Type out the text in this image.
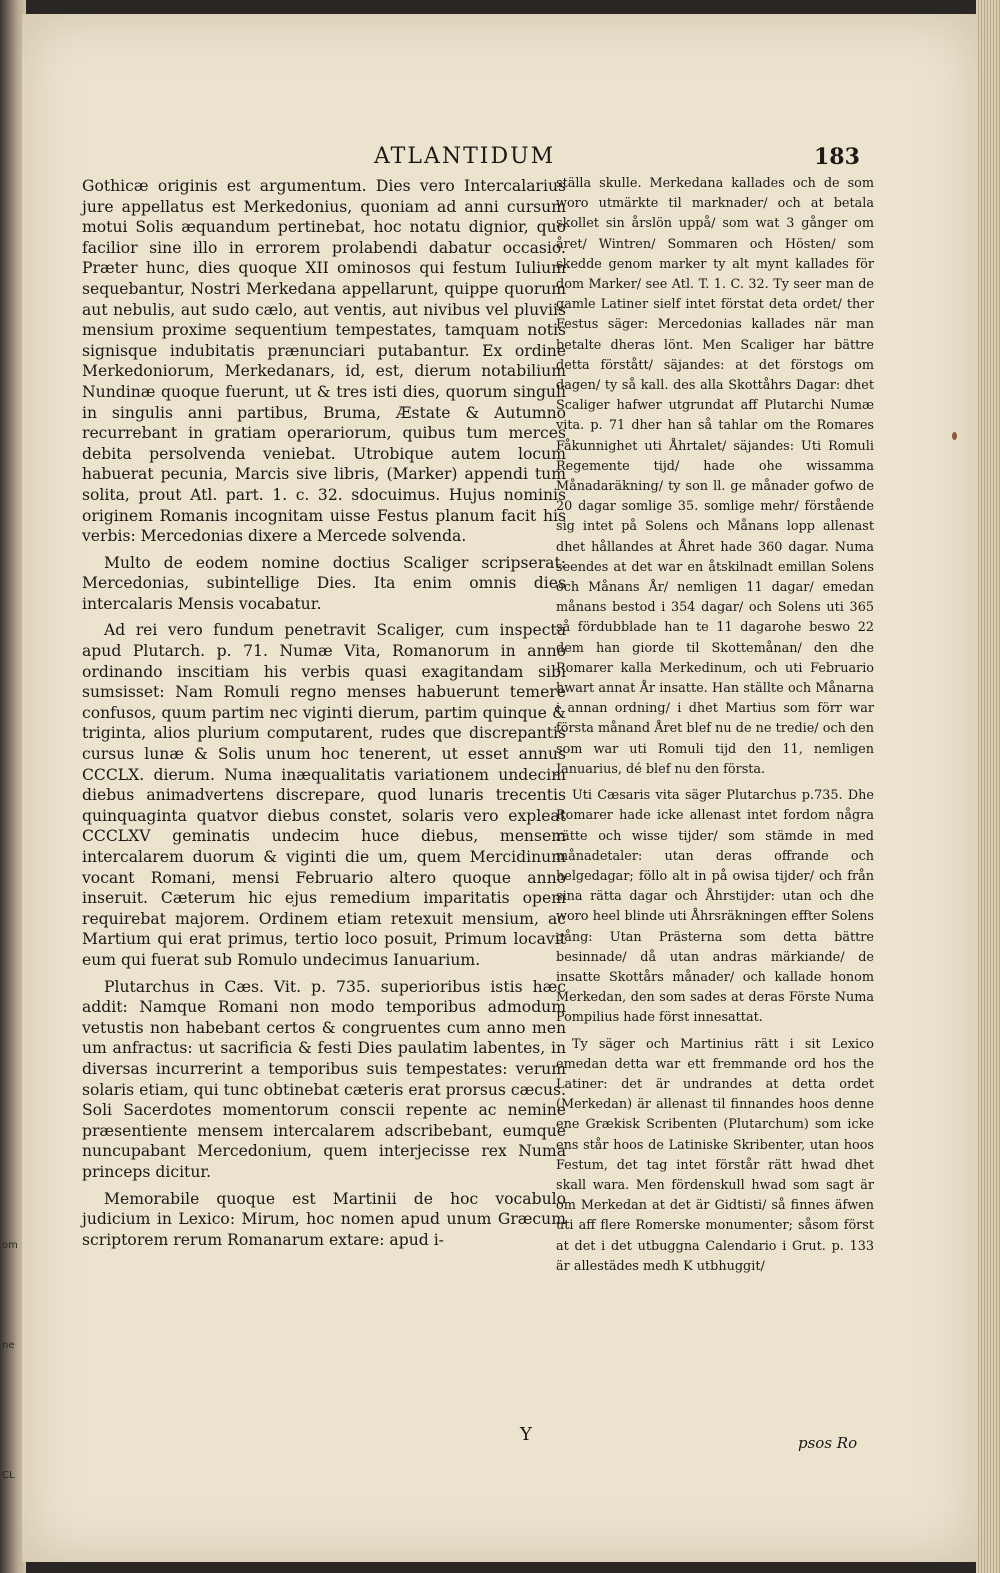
om
ne
CL
ATLANTIDUM	183

Gothicæ originis est argumentum. Dies vero Intercalarius jure appellatus est Merkedonius, quoniam ad anni cursum motui Solis æquandum pertinebat, hoc notatu dignior, quo facilior sine illo in errorem prolabendi dabatur occasio. Præter hunc, dies quoque XII ominosos qui festum Iulium sequebantur, Nostri Merkedana appellarunt, quippe quorum aut nebulis, aut sudo cælo, aut ventis, aut nivibus vel pluviis mensium proxime sequentium tempestates, tamquam notis signisque indubitatis prænunciari putabantur. Ex ordine Merkedoniorum, Merkedanars, id, est, dierum notabilium Nundinæ quoque fuerunt, ut & tres isti dies, quorum singuli in singulis anni partibus, Bruma, Æstate & Autumno recurrebant in gratiam operariorum, quibus tum merces debita persolvenda veniebat. Utrobique autem locum habuerat pecunia, Marcis sive libris, (Marker) appendi tum solita, prout Atl. part. 1. c. 32. sdocuimus. Hujus nominis originem Romanis incognitam uisse Festus planum facit his verbis: Mercedonias dixere a Mercede solvenda.

Multo de eodem nomine doctius Scaliger scripserat: Mercedonias, subintellige Dies. Ita enim omnis dies intercalaris Mensis vocabatur.

Ad rei vero fundum penetravit Scaliger, cum inspecta apud Plutarch. p. 71. Numæ Vita, Romanorum in anno ordinando inscitiam his verbis quasi exagitandam sibi sumsisset: Nam Romuli regno menses habuerunt temere confusos, quum partim nec viginti dierum, partim quinque & triginta, alios plurium computarent, rudes que discrepantis cursus lunæ & Solis unum hoc tenerent, ut esset annus CCCLX. dierum. Numa inæqualitatis variationem undecim diebus animadvertens discrepare, quod lunaris trecentis quinquaginta quatvor diebus constet, solaris vero expleat CCCLXV geminatis undecim huce diebus, mensem intercalarem duorum & viginti die um, quem Mercidinum vocant Romani, mensi Februario altero quoque anno inseruit. Cæterum hic ejus remedium imparitatis opem requirebat majorem. Ordinem etiam retexuit mensium, ac Martium qui erat primus, tertio loco posuit, Primum locavit eum qui fuerat sub Romulo undecimus Ianuarium.

Plutarchus in Cæs. Vit. p. 735. superioribus istis hæc addit: Namque Romani non modo temporibus admodum vetustis non habebant certos & congruentes cum anno men um anfractus: ut sacrificia & festi Dies paulatim labentes, in diversas incurrerint a temporibus suis tempestates: verum solaris etiam, qui tunc obtinebat cæteris erat prorsus cæcus. Soli Sacerdotes momentorum conscii repente ac nemine præsentiente mensem intercalarem adscribebant, eumque nuncupabant Mercedonium, quem interjecisse rex Numa princeps dicitur.

Memorabile quoque est Martinii de hoc vocabulo judicium in Lexico: Mirum, hoc nomen apud unum Græcum scriptorem rerum Romanarum extare: apud i-

ställa skulle. Merkedana kallades och de som woro utmärkte til marknader/ och at betala skollet sin årslön uppå/ som wat 3 gånger om året/ Wintren/ Sommaren och Hösten/ som skedde genom marker ty alt mynt kallades för dom Marker/ see Atl. T. 1. C. 32. Ty seer man de gamle Latiner sielf intet förstat deta ordet/ ther Festus säger: Mercedonias kallades när man betalte dheras lönt. Men Scaliger har bättre detta förstått/ säjandes: at det förstogs om dagen/ ty så kall. des alla Skottåhrs Dagar: dhet Scaliger hafwer utgrundat aff Plutarchi Numæ vita. p. 71 dher han så tahlar om the Romares Fåkunnighet uti Åhrtalet/ säjandes: Uti Romuli Regemente tijd/ hade ohe wissamma Månadaräkning/ ty son ll. ge månader gofwo de 20 dagar somlige 35. somlige mehr/ förstående sig intet på Solens och Månans lopp allenast dhet hållandes at Åhret hade 360 dagar. Numa seendes at det war en åtskilnadt emillan Solens och Månans År/ nemligen 11 dagar/ emedan månans bestod i 354 dagar/ och Solens uti 365 så fördubblade han te 11 dagarohe beswo 22 dem han giorde til Skottemånan/ den dhe Romarer kalla Merkedinum, och uti Februario hwart annat År insatte. Han ställte och Månarna i annan ordning/ i dhet Martius som förr war första månand Året blef nu de ne tredie/ och den som war uti Romuli tijd den 11, nemligen Januarius, dé blef nu den första.

Uti Cæsaris vita säger Plutarchus p.735. Dhe Romarer hade icke allenast intet fordom några rätte och wisse tijder/ som stämde in med månadetaler: utan deras offrande och helgedagar; föllo alt in på owisa tijder/ och från sina rätta dagar och Åhrstijder: utan och dhe woro heel blinde uti Åhrsräkningen effter Solens gång: Utan Prästerna som detta bättre besinnade/ då utan andras märkiande/ de insatte Skottårs månader/ och kallade honom Merkedan, den som sades at deras Förste Numa Pompilius hade först innesattat.

Ty säger och Martinius rätt i sit Lexico emedan detta war ett fremmande ord hos the Latiner: det är undrandes at detta ordet (Merkedan) är allenast til finnandes hoos denne ene Grækisk Scribenten (Plutarchum) som icke ens står hoos de Latiniske Skribenter, utan hoos Festum, det tag intet förstår rätt hwad dhet skall wara. Men fördenskull hwad som sagt är om Merkedan at det är Gidtisti/ så finnes äfwen uti aff flere Romerske monumenter; såsom först at det i det utbuggna Calendario i Grut. p. 133 är allestädes medh K utbhuggit/

Y	psos Ro
